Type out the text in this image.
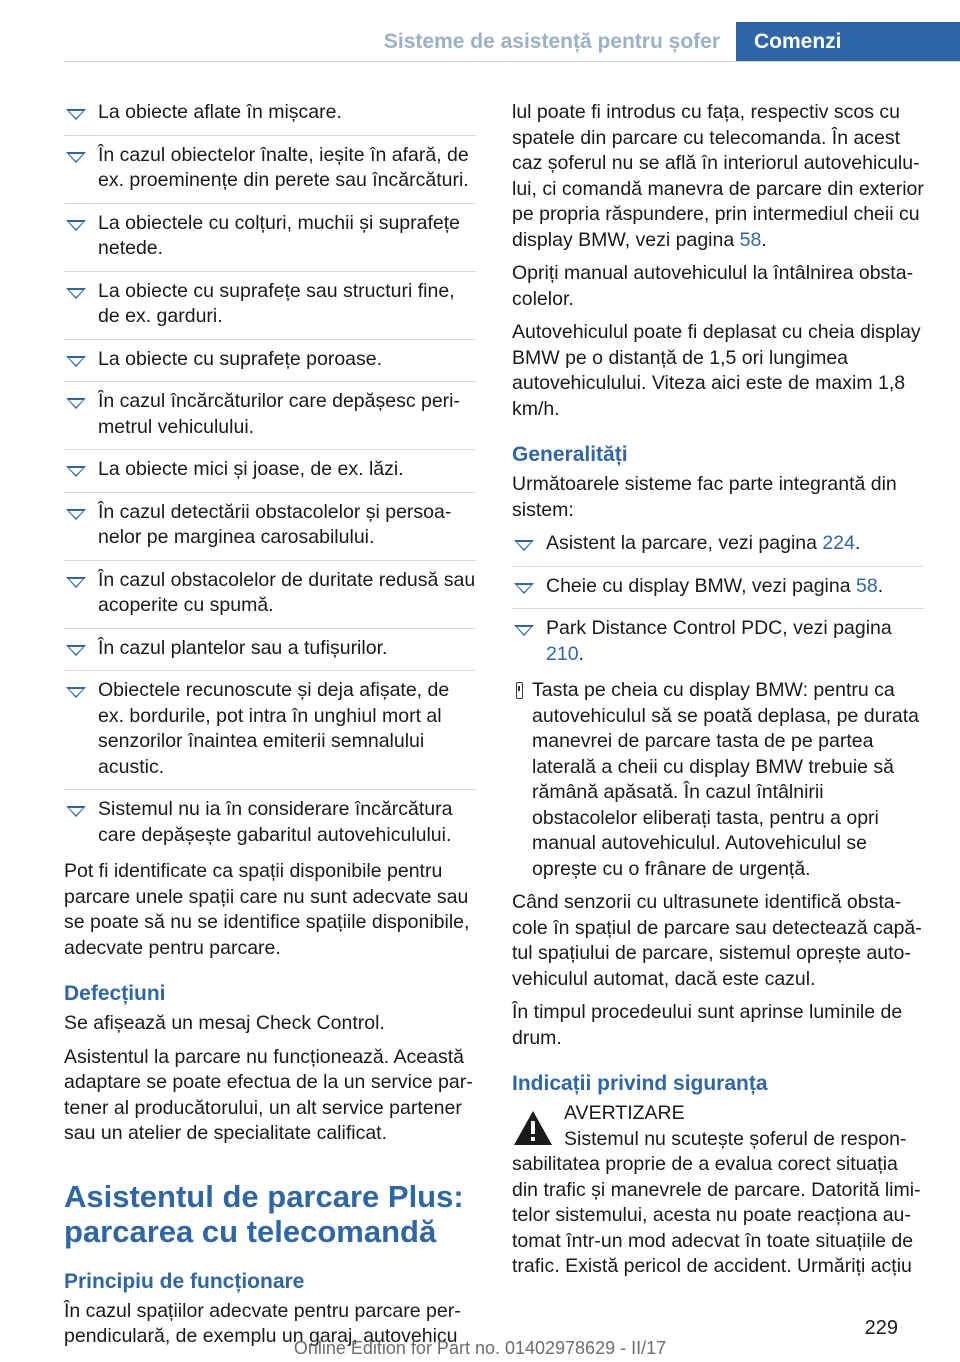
Sisteme de asistență pentru șofer	Comenzi
La obiecte aflate în mișcare.
În cazul obiectelor înalte, ieșite în afară, de ex. proeminențe din perete sau încărcături.
La obiectele cu colțuri, muchii și suprafețe netede.
La obiecte cu suprafețe sau structuri fine, de ex. garduri.
La obiecte cu suprafețe poroase.
În cazul încărcăturilor care depășesc perimetrul vehiculului.
La obiecte mici și joase, de ex. lăzi.
În cazul detectării obstacolelor și persoanelor pe marginea carosabilului.
În cazul obstacolelor de duritate redusă sau acoperite cu spumă.
În cazul plantelor sau a tufișurilor.
Obiectele recunoscute și deja afișate, de ex. bordurile, pot intra în unghiul mort al senzorilor înaintea emiterii semnalului acustic.
Sistemul nu ia în considerare încărcătura care depășește gabaritul autovehiculului.

Pot fi identificate ca spații disponibile pentru parcare unele spații care nu sunt adecvate sau se poate să nu se identifice spațiile disponibile, adecvate pentru parcare.

Defecțiuni

Se afișează un mesaj Check Control.

Asistentul la parcare nu funcționează. Această adaptare se poate efectua de la un service partener al producătorului, un alt service partener sau un atelier de specialitate calificat.

Asistentul de parcare Plus: parcarea cu telecomandă
Principiu de funcționare

În cazul spațiilor adecvate pentru parcare perpendiculară, de exemplu un garaj, autovehicu

lul poate fi introdus cu fața, respectiv scos cu spatele din parcare cu telecomanda. În acest caz șoferul nu se află în interiorul autovehiculului, ci comandă manevra de parcare din exterior pe propria răspundere, prin intermediul cheii cu display BMW, vezi pagina 58.

Opriți manual autovehiculul la întâlnirea obstacolelor.

Autovehiculul poate fi deplasat cu cheia display BMW pe o distanță de 1,5 ori lungimea autovehiculului. Viteza aici este de maxim 1,8 km/h.

Generalități

Următoarele sisteme fac parte integrantă din sistem:

Asistent la parcare, vezi pagina 224.
Cheie cu display BMW, vezi pagina 58.
Park Distance Control PDC, vezi pagina 210.

Tasta pe cheia cu display BMW: pentru ca autovehiculul să se poată deplasa, pe durata manevrei de parcare tasta de pe partea laterală a cheii cu display BMW trebuie să rămână apăsată. În cazul întâlnirii obstacolelor eliberați tasta, pentru a opri manual autovehiculul. Autovehiculul se oprește cu o frânare de urgență.

Când senzorii cu ultrasunete identifică obstacole în spațiul de parcare sau detectează capătul spațiului de parcare, sistemul oprește autovehiculul automat, dacă este cazul.

În timpul procedeului sunt aprinse luminile de drum.

Indicații privind siguranța
AVERTIZARE

Sistemul nu scutește șoferul de responsabilitatea proprie de a evalua corect situația din trafic și manevrele de parcare. Datorită limitelor sistemului, acesta nu poate reacționa automat într-un mod adecvat în toate situațiile de trafic. Există pericol de accident. Urmăriți acțiu

229
Online Edition for Part no. 01402978629 - II/17
